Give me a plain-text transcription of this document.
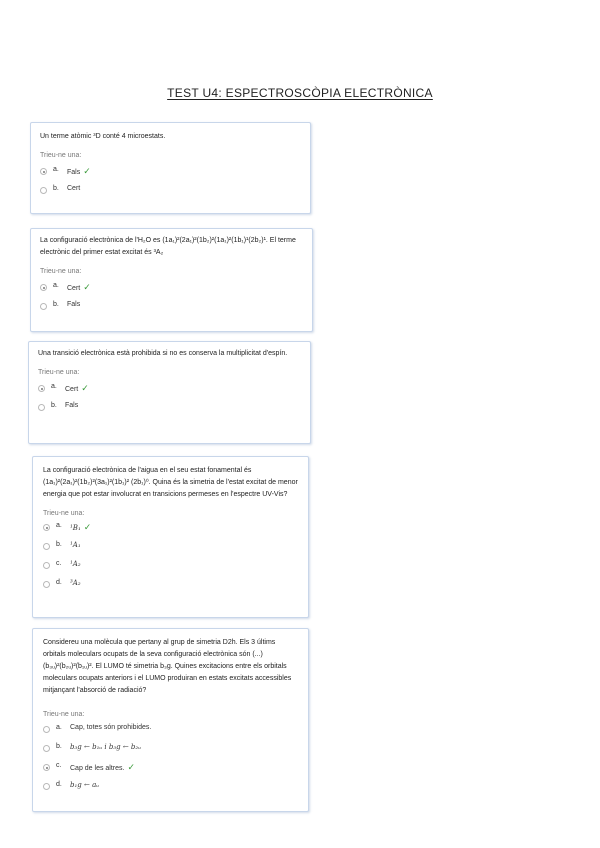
TEST U4: ESPECTROSCÒPIA ELECTRÒNICA
Un terme atòmic ³D conté 4 microestats.
Trieu-ne una:
a. Fals ✓
b. Cert
La configuració electrònica de l'H₂O es (1a₁)²(2a₁)²(1b₂)²(1a₁)²(1b₁)¹(2b₂)¹. El terme electrònic del primer estat excitat és ³A₂
Trieu-ne una:
a. Cert ✓
b. Fals
Una transició electrònica està prohibida si no es conserva la multiplicitat d'espín.
Trieu-ne una:
a. Cert ✓
b. Fals
La configuració electrònica de l'aigua en el seu estat fonamental és (1a₁)²(2a₁)²(1b₂)²(3a₁)²(1b₁)² (2b₁)⁰. Quina és la simetria de l'estat excitat de menor energia que pot estar involucrat en transicions permeses en l'espectre UV-Vis?
Trieu-ne una:
a. ¹B₁ ✓
b. ¹A₁
c. ¹A₂
d. ³A₂
Considereu una molècula que pertany al grup de simetria D2h. Els 3 últims orbitals moleculars ocupats de la seva configuració electrònica són (...)(b₃ᵤ)²(b₂ᵤ)²(b₁ᵤ)². El LUMO té simetria b₃g. Quines excitacions entre els orbitals moleculars ocupats anteriors i el LUMO produiran en estats excitats accessibles mitjançant l'absorció de radiació?
Trieu-ne una:
a. Cap, totes són prohibides.
b. b₃g ← b₁ᵤ i b₃g ← b₂ᵤ
c. Cap de les altres. ✓
d. b₁g ← aᵤ
